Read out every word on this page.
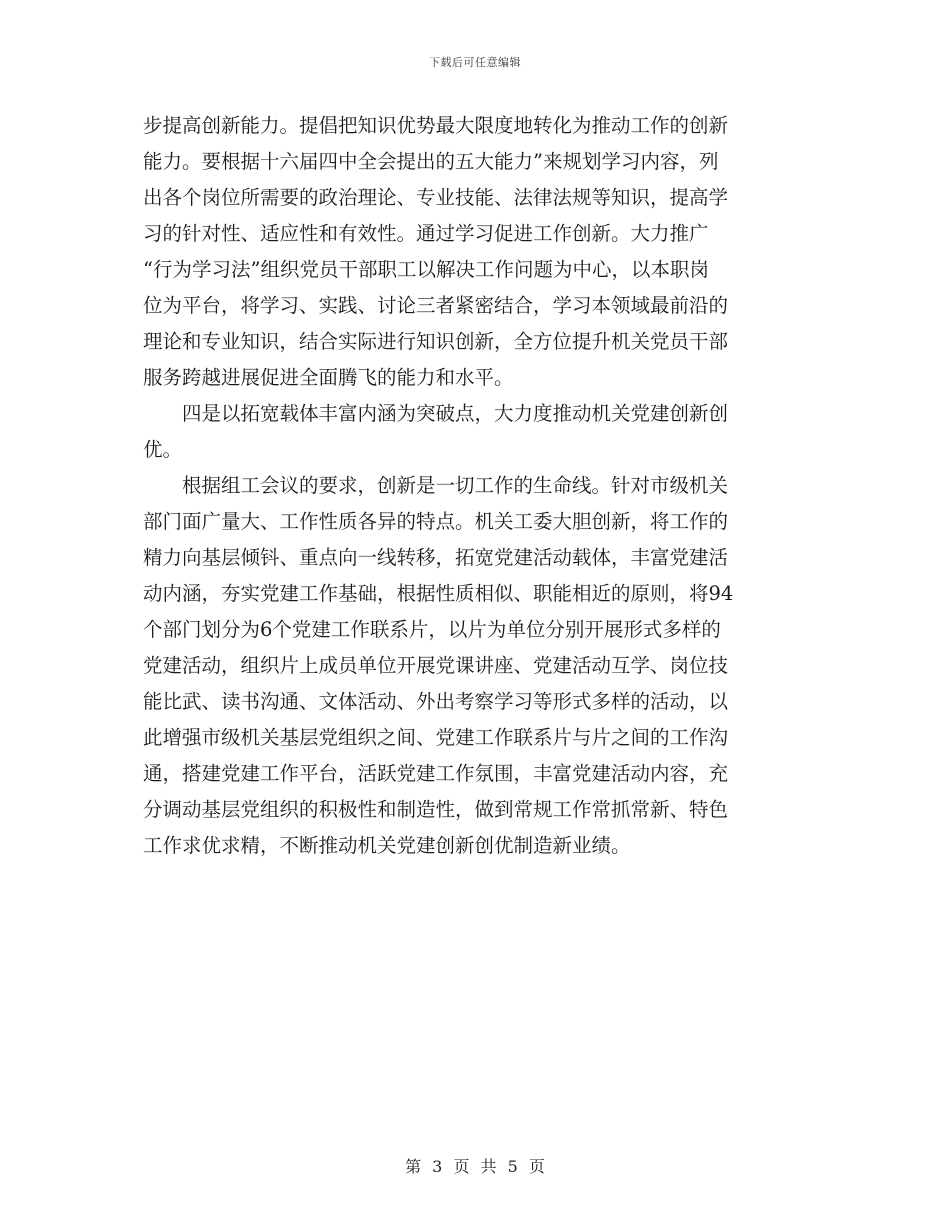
下载后可任意编辑
步提高创新能力。提倡把知识优势最大限度地转化为推动工作的创新
能力。要根据十六届四中全会提出的五大能力”来规划学习内容，列
出各个岗位所需要的政治理论、专业技能、法律法规等知识，提高学
习的针对性、适应性和有效性。通过学习促进工作创新。大力推广
“行为学习法”组织党员干部职工以解决工作问题为中心，以本职岗
位为平台，将学习、实践、讨论三者紧密结合，学习本领域最前沿的
理论和专业知识，结合实际进行知识创新，全方位提升机关党员干部
服务跨越进展促进全面腾飞的能力和水平。
　　四是以拓宽载体丰富内涵为突破点，大力度推动机关党建创新创
优。
　　根据组工会议的要求，创新是一切工作的生命线。针对市级机关
部门面广量大、工作性质各异的特点。机关工委大胆创新，将工作的
精力向基层倾钭、重点向一线转移，拓宽党建活动载体，丰富党建活
动内涵，夯实党建工作基础，根据性质相似、职能相近的原则，将94
个部门划分为6个党建工作联系片，以片为单位分别开展形式多样的
党建活动，组织片上成员单位开展党课讲座、党建活动互学、岗位技
能比武、读书沟通、文体活动、外出考察学习等形式多样的活动，以
此增强市级机关基层党组织之间、党建工作联系片与片之间的工作沟
通，搭建党建工作平台，活跃党建工作氛围，丰富党建活动内容，充
分调动基层党组织的积极性和制造性，做到常规工作常抓常新、特色
工作求优求精，不断推动机关党建创新创优制造新业绩。
第 3 页 共 5 页
